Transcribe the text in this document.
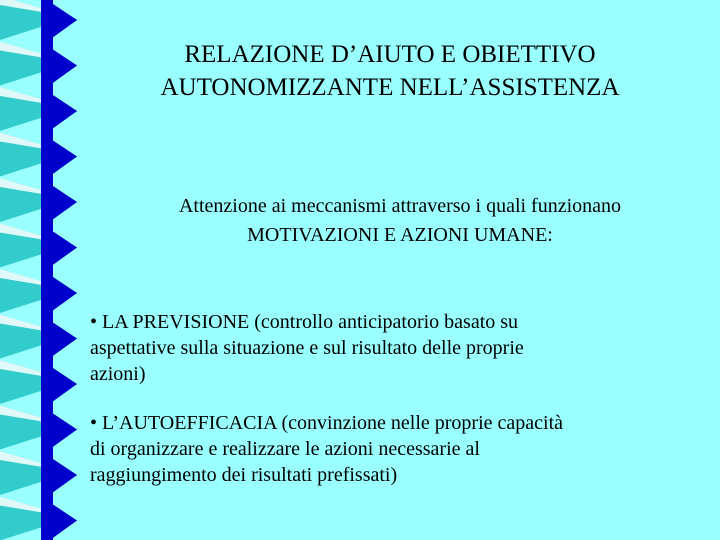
RELAZIONE D’AIUTO E OBIETTIVO
AUTONOMIZZANTE NELL’ASSISTENZA
Attenzione ai meccanismi attraverso i quali funzionano
MOTIVAZIONI E AZIONI UMANE:
• LA PREVISIONE (controllo anticipatorio basato su
aspettative sulla situazione e sul risultato delle proprie
azioni)
• L’AUTOEFFICACIA (convinzione nelle proprie capacità
di organizzare e realizzare le azioni necessarie al
raggiungimento dei risultati prefissati)
